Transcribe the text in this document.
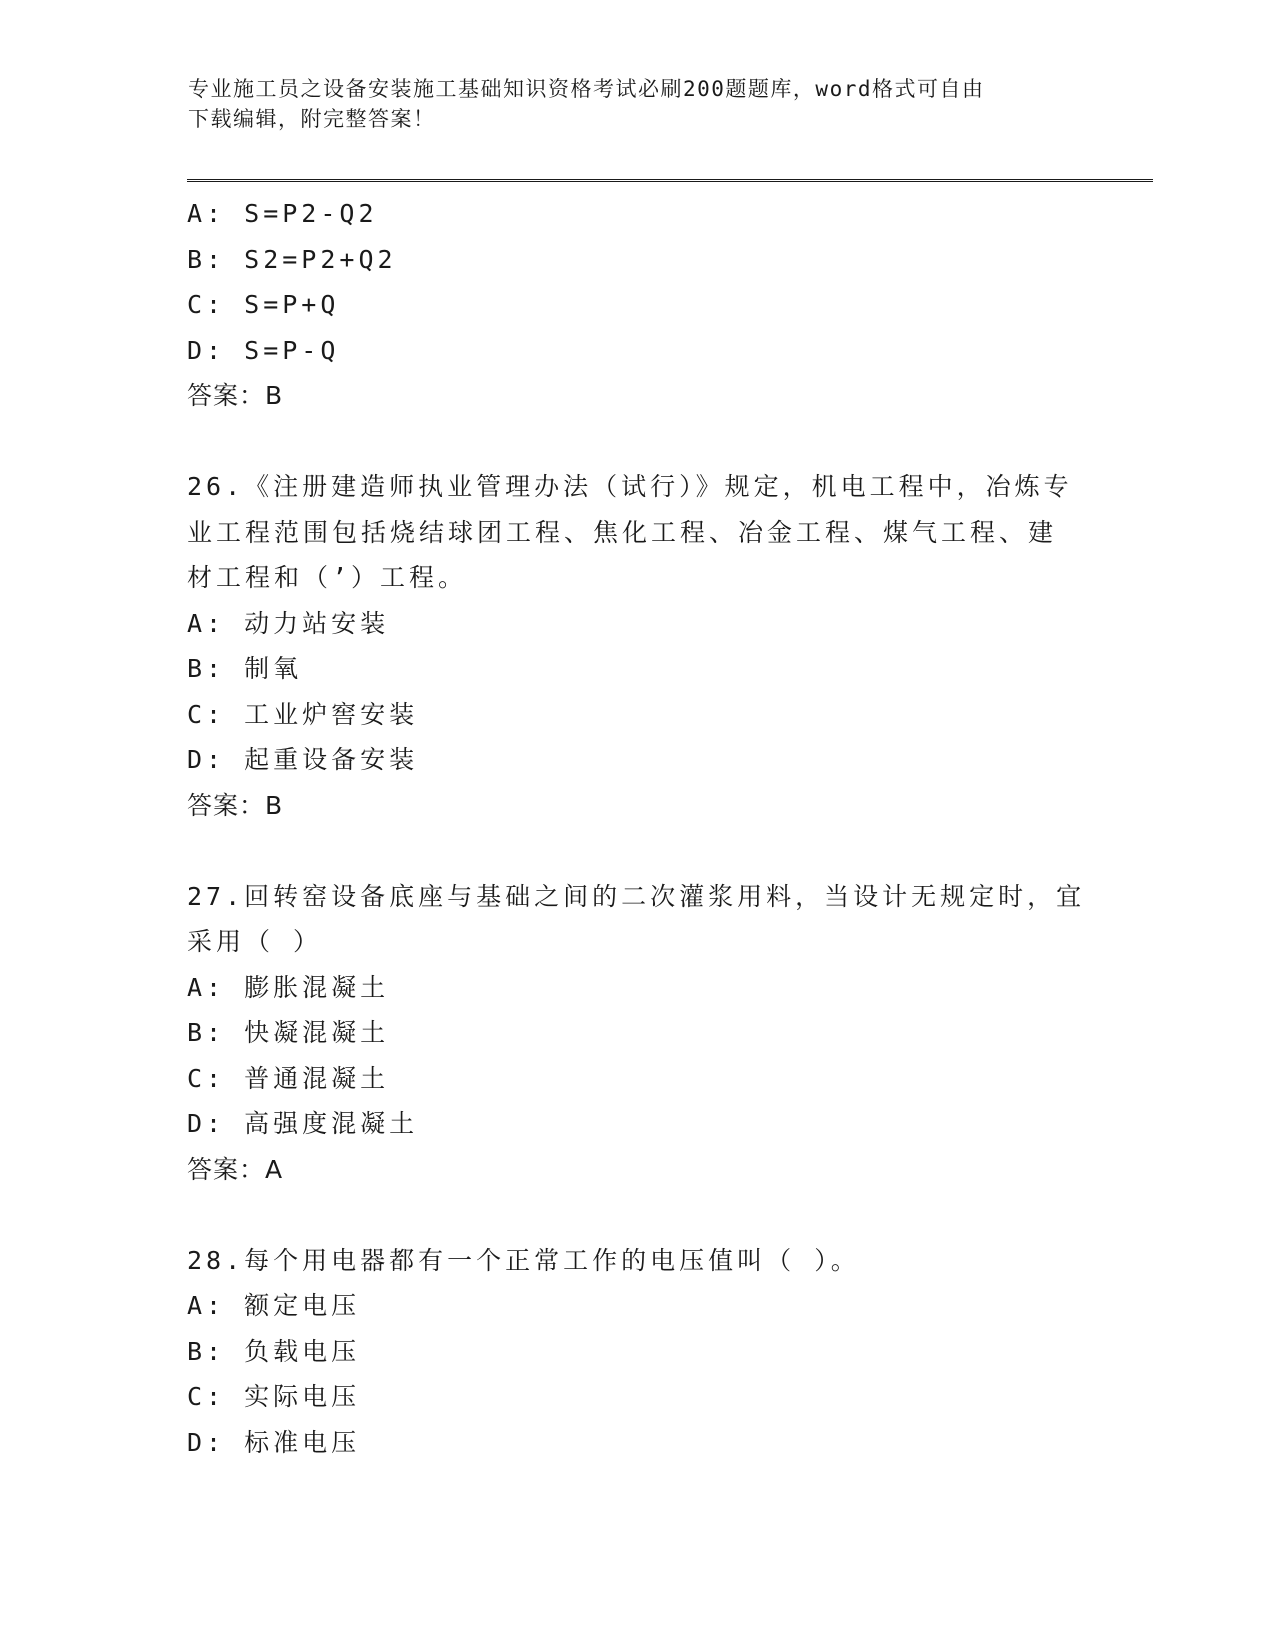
专业施工员之设备安装施工基础知识资格考试必刷200题题库，word格式可自由
下载编辑，附完整答案！
A: S=P2-Q2
B: S2=P2+Q2
C: S=P+Q
D: S=P-Q
答案：B
26.《注册建造师执业管理办法（试行）》规定，机电工程中，冶炼专
业工程范围包括烧结球团工程、焦化工程、冶金工程、煤气工程、建
材工程和（’）工程。
A: 动力站安装
B: 制氧
C: 工业炉窖安装
D: 起重设备安装
答案：B
27.回转窑设备底座与基础之间的二次灌浆用料，当设计无规定时，宜
采用（ ）
A: 膨胀混凝土
B: 快凝混凝土
C: 普通混凝土
D: 高强度混凝土
答案：A
28.每个用电器都有一个正常工作的电压值叫（ ）。
A: 额定电压
B: 负载电压
C: 实际电压
D: 标准电压
